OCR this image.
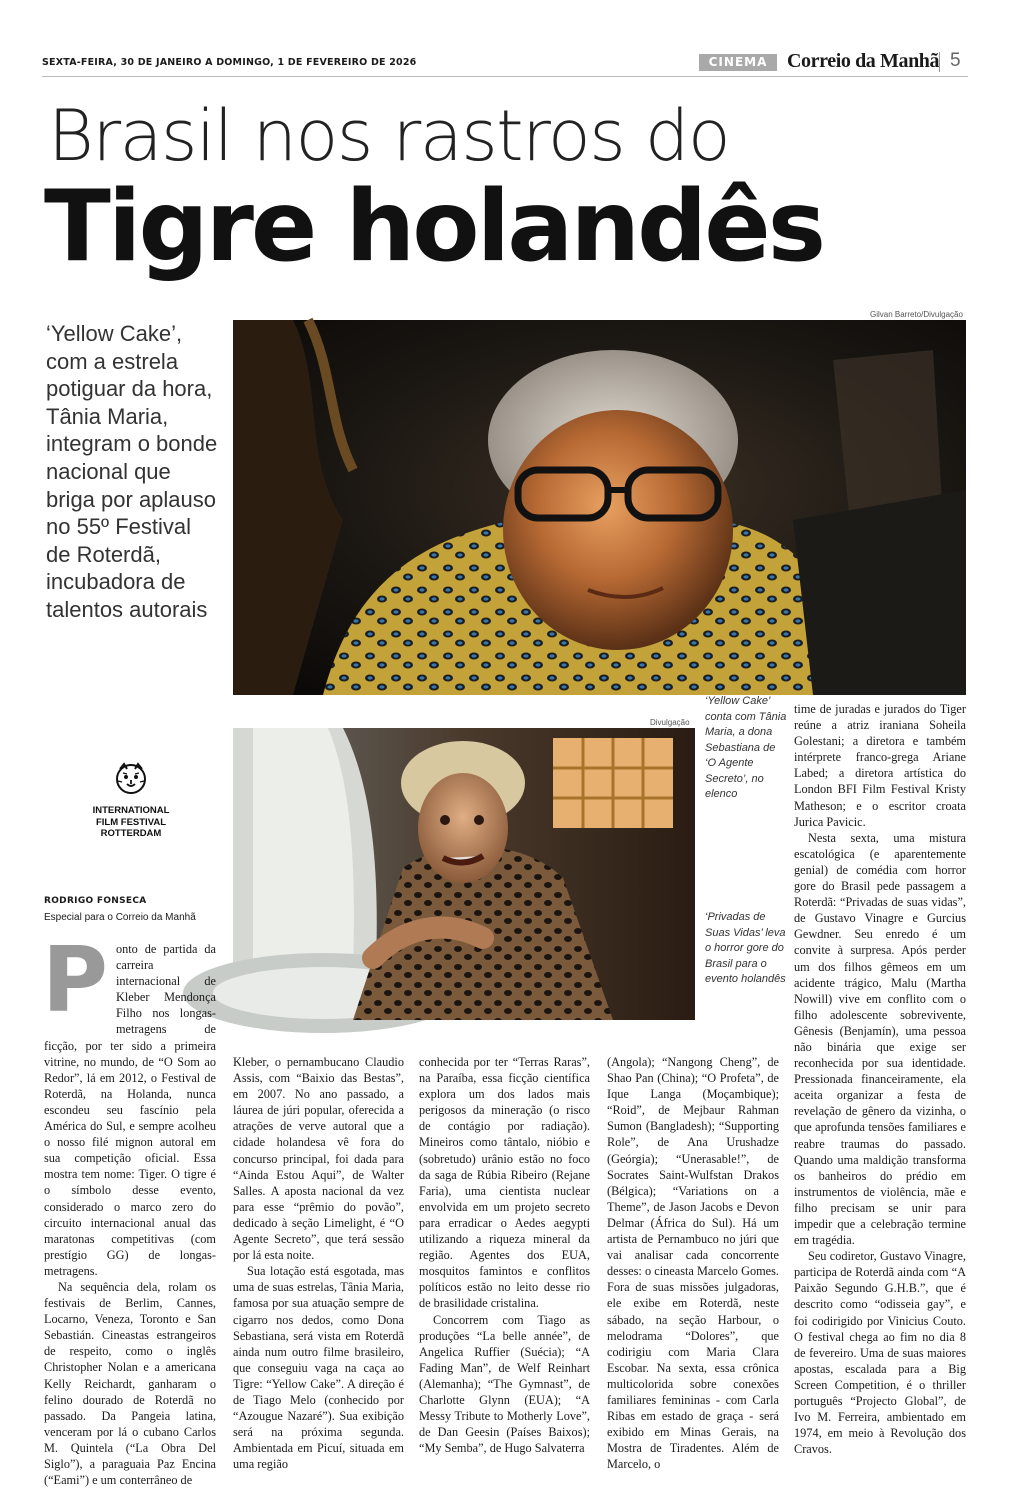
SEXTA-FEIRA, 30 DE JANEIRO A DOMINGO, 1 DE FEVEREIRO DE 2026	CINEMA Correio da Manhã 5
Brasil nos rastros do
Tigre holandês
‘Yellow Cake’, com a estrela potiguar da hora, Tânia Maria, integram o bonde nacional que briga por aplauso no 55º Festival de Roterdã, incubadora de talentos autorais
Gilvan Barreto/Divulgação
INTERNATIONAL
FILM FESTIVAL
ROTTERDAM
RODRIGO FONSECA
Especial para o Correio da Manhã
Divulgação
‘Yellow Cake’ conta com Tânia Maria, a dona Sebastiana de ‘O Agente Secreto’, no elenco
‘Privadas de Suas Vidas’ leva o horror gore do Brasil para o evento holandês
P onto de partida da carreira internacional de Kleber Mendonça Filho nos longas-metragens de ficção, por ter sido a primeira vitrine, no mundo, de “O Som ao Redor”, lá em 2012, o Festival de Roterdã, na Holanda, nunca escondeu seu fascínio pela América do Sul, e sempre acolheu o nosso filé mignon autoral em sua competição oficial. Essa mostra tem nome: Tiger. O tigre é o símbolo desse evento, considerado o marco zero do circuito internacional anual das maratonas competitivas (com prestígio GG) de longas-metragens.

Na sequência dela, rolam os festivais de Berlim, Cannes, Locarno, Veneza, Toronto e San Sebastián. Cineastas estrangeiros de respeito, como o inglês Christopher Nolan e a americana Kelly Reichardt, ganharam o felino dourado de Roterdã no passado. Da Pangeia latina, venceram por lá o cubano Carlos M. Quintela (“La Obra Del Siglo”), a paraguaia Paz Encina (“Eami”) e um conterrâneo de

Kleber, o pernambucano Claudio Assis, com “Baixio das Bestas”, em 2007. No ano passado, a láurea de júri popular, oferecida a atrações de verve autoral que a cidade holandesa vê fora do concurso principal, foi dada para “Ainda Estou Aqui”, de Walter Salles. A aposta nacional da vez para esse “prêmio do povão”, dedicado à seção Limelight, é “O Agente Secreto”, que terá sessão por lá esta noite.

Sua lotação está esgotada, mas uma de suas estrelas, Tânia Maria, famosa por sua atuação sempre de cigarro nos dedos, como Dona Sebastiana, será vista em Roterdã ainda num outro filme brasileiro, que conseguiu vaga na caça ao Tigre: “Yellow Cake”. A direção é de Tiago Melo (conhecido por “Azougue Nazaré”). Sua exibição será na próxima segunda. Ambientada em Picuí, situada em uma região

conhecida por ter “Terras Raras”, na Paraíba, essa ficção científica explora um dos lados mais perigosos da mineração (o risco de contágio por radiação). Mineiros como tântalo, nióbio e (sobretudo) urânio estão no foco da saga de Rúbia Ribeiro (Rejane Faria), uma cientista nuclear envolvida em um projeto secreto para erradicar o Aedes aegypti utilizando a riqueza mineral da região. Agentes dos EUA, mosquitos famintos e conflitos políticos estão no leito desse rio de brasilidade cristalina.

Concorrem com Tiago as produções “La belle année”, de Angelica Ruffier (Suécia); “A Fading Man”, de Welf Reinhart (Alemanha); “The Gymnast”, de Charlotte Glynn (EUA); “A Messy Tribute to Motherly Love”, de Dan Geesin (Países Baixos); “My Semba”, de Hugo Salvaterra

(Angola); “Nangong Cheng”, de Shao Pan (China); “O Profeta”, de Ique Langa (Moçambique); “Roid”, de Mejbaur Rahman Sumon (Bangladesh); “Supporting Role”, de Ana Urushadze (Geórgia); “Unerasable!”, de Socrates Saint-Wulfstan Drakos (Bélgica); “Variations on a Theme”, de Jason Jacobs e Devon Delmar (África do Sul). Há um artista de Pernambuco no júri que vai analisar cada concorrente desses: o cineasta Marcelo Gomes. Fora de suas missões julgadoras, ele exibe em Roterdã, neste sábado, na seção Harbour, o melodrama “Dolores”, que codirigiu com Maria Clara Escobar. Na sexta, essa crônica multicolorida sobre conexões familiares femininas - com Carla Ribas em estado de graça - será exibido em Minas Gerais, na Mostra de Tiradentes. Além de Marcelo, o

time de juradas e jurados do Tiger reúne a atriz iraniana Soheila Golestani; a diretora e também intérprete franco-grega Ariane Labed; a diretora artística do London BFI Film Festival Kristy Matheson; e o escritor croata Jurica Pavicic.

Nesta sexta, uma mistura escatológica (e aparentemente genial) de comédia com horror gore do Brasil pede passagem a Roterdã: “Privadas de suas vidas”, de Gustavo Vinagre e Gurcius Gewdner. Seu enredo é um convite à surpresa. Após perder um dos filhos gêmeos em um acidente trágico, Malu (Martha Nowill) vive em conflito com o filho adolescente sobrevivente, Gênesis (Benjamín), uma pessoa não binária que exige ser reconhecida por sua identidade. Pressionada financeiramente, ela aceita organizar a festa de revelação de gênero da vizinha, o que aprofunda tensões familiares e reabre traumas do passado. Quando uma maldição transforma os banheiros do prédio em instrumentos de violência, mãe e filho precisam se unir para impedir que a celebração termine em tragédia.

Seu codiretor, Gustavo Vinagre, participa de Roterdã ainda com “A Paixão Segundo G.H.B.”, que é descrito como “odisseia gay”, e foi codirigido por Vinicius Couto. O festival chega ao fim no dia 8 de fevereiro. Uma de suas maiores apostas, escalada para a Big Screen Competition, é o thriller português “Projecto Global”, de Ivo M. Ferreira, ambientado em 1974, em meio à Revolução dos Cravos.
